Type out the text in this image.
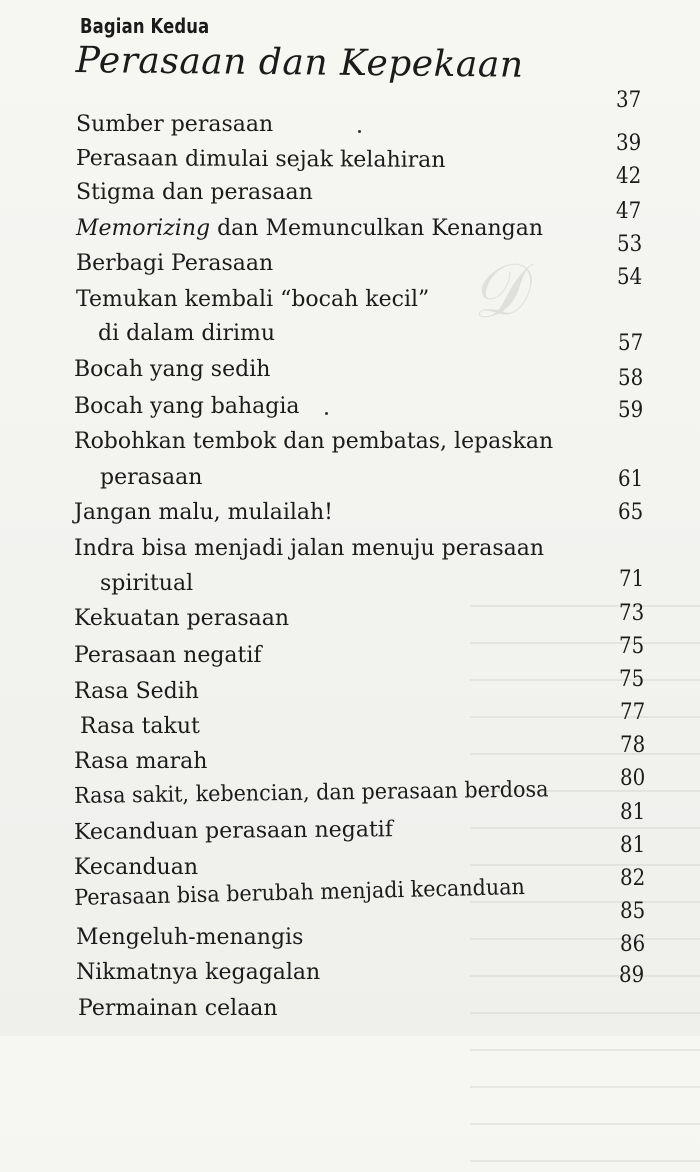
𝒟
Bagian Kedua
Perasaan dan Kepekaan
Sumber perasaan
Perasaan dimulai sejak kelahiran
Stigma dan perasaan
Memorizing dan Memunculkan Kenangan
Berbagi Perasaan
Temukan kembali “bocah kecil”
di dalam dirimu
Bocah yang sedih
Bocah yang bahagia
Robohkan tembok dan pembatas, lepaskan
perasaan
Jangan malu, mulailah!
Indra bisa menjadi jalan menuju perasaan
spiritual
Kekuatan perasaan
Perasaan negatif
Rasa Sedih
Rasa takut
Rasa marah
Rasa sakit, kebencian, dan perasaan berdosa
Kecanduan perasaan negatif
Kecanduan
Perasaan bisa berubah menjadi kecanduan
Mengeluh-menangis
Nikmatnya kegagalan
Permainan celaan
37
39
42
47
53
54
57
58
59
61
65
71
73
75
75
77
78
80
81
81
82
85
86
89
